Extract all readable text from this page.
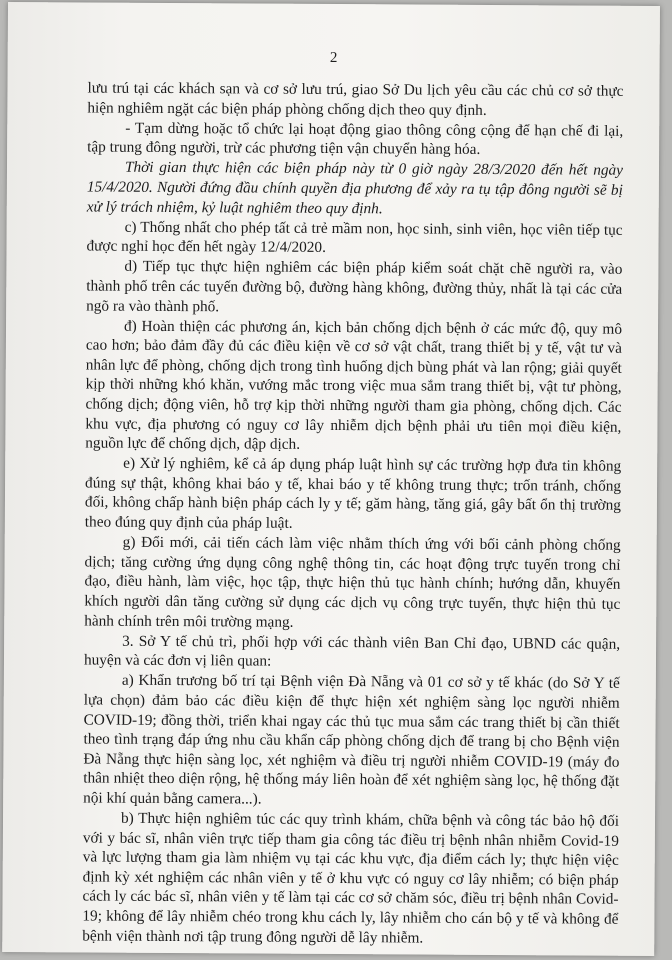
2

lưu trú tại các khách sạn và cơ sở lưu trú, giao Sở Du lịch yêu cầu các chủ cơ sở thực hiện nghiêm ngặt các biện pháp phòng chống dịch theo quy định.

- Tạm dừng hoặc tổ chức lại hoạt động giao thông công cộng để hạn chế đi lại, tập trung đông người, trừ các phương tiện vận chuyển hàng hóa.

Thời gian thực hiện các biện pháp này từ 0 giờ ngày 28/3/2020 đến hết ngày 15/4/2020. Người đứng đầu chính quyền địa phương để xảy ra tụ tập đông người sẽ bị xử lý trách nhiệm, kỷ luật nghiêm theo quy định.

c) Thống nhất cho phép tất cả trẻ mầm non, học sinh, sinh viên, học viên tiếp tục được nghỉ học đến hết ngày 12/4/2020.

d) Tiếp tục thực hiện nghiêm các biện pháp kiểm soát chặt chẽ người ra, vào thành phố trên các tuyến đường bộ, đường hàng không, đường thủy, nhất là tại các cửa ngõ ra vào thành phố.

đ) Hoàn thiện các phương án, kịch bản chống dịch bệnh ở các mức độ, quy mô cao hơn; bảo đảm đầy đủ các điều kiện về cơ sở vật chất, trang thiết bị y tế, vật tư và nhân lực để phòng, chống dịch trong tình huống dịch bùng phát và lan rộng; giải quyết kịp thời những khó khăn, vướng mắc trong việc mua sắm trang thiết bị, vật tư phòng, chống dịch; động viên, hỗ trợ kịp thời những người tham gia phòng, chống dịch. Các khu vực, địa phương có nguy cơ lây nhiễm dịch bệnh phải ưu tiên mọi điều kiện, nguồn lực để chống dịch, dập dịch.

e) Xử lý nghiêm, kể cả áp dụng pháp luật hình sự các trường hợp đưa tin không đúng sự thật, không khai báo y tế, khai báo y tế không trung thực; trốn tránh, chống đối, không chấp hành biện pháp cách ly y tế; găm hàng, tăng giá, gây bất ổn thị trường theo đúng quy định của pháp luật.

g) Đổi mới, cải tiến cách làm việc nhằm thích ứng với bối cảnh phòng chống dịch; tăng cường ứng dụng công nghệ thông tin, các hoạt động trực tuyến trong chỉ đạo, điều hành, làm việc, học tập, thực hiện thủ tục hành chính; hướng dẫn, khuyến khích người dân tăng cường sử dụng các dịch vụ công trực tuyến, thực hiện thủ tục hành chính trên môi trường mạng.

3. Sở Y tế chủ trì, phối hợp với các thành viên Ban Chỉ đạo, UBND các quận, huyện và các đơn vị liên quan:

a) Khẩn trương bố trí tại Bệnh viện Đà Nẵng và 01 cơ sở y tế khác (do Sở Y tế lựa chọn) đảm bảo các điều kiện để thực hiện xét nghiệm sàng lọc người nhiễm COVID-19; đồng thời, triển khai ngay các thủ tục mua sắm các trang thiết bị cần thiết theo tình trạng đáp ứng nhu cầu khẩn cấp phòng chống dịch để trang bị cho Bệnh viện Đà Nẵng thực hiện sàng lọc, xét nghiệm và điều trị người nhiễm COVID-19 (máy đo thân nhiệt theo diện rộng, hệ thống máy liên hoàn để xét nghiệm sàng lọc, hệ thống đặt nội khí quản bằng camera...).

b) Thực hiện nghiêm túc các quy trình khám, chữa bệnh và công tác bảo hộ đối với y bác sĩ, nhân viên trực tiếp tham gia công tác điều trị bệnh nhân nhiễm Covid-19 và lực lượng tham gia làm nhiệm vụ tại các khu vực, địa điểm cách ly; thực hiện việc định kỳ xét nghiệm các nhân viên y tế ở khu vực có nguy cơ lây nhiễm; có biện pháp cách ly các bác sĩ, nhân viên y tế làm tại các cơ sở chăm sóc, điều trị bệnh nhân Covid-19; không để lây nhiễm chéo trong khu cách ly, lây nhiễm cho cán bộ y tế và không để bệnh viện thành nơi tập trung đông người dễ lây nhiễm.
